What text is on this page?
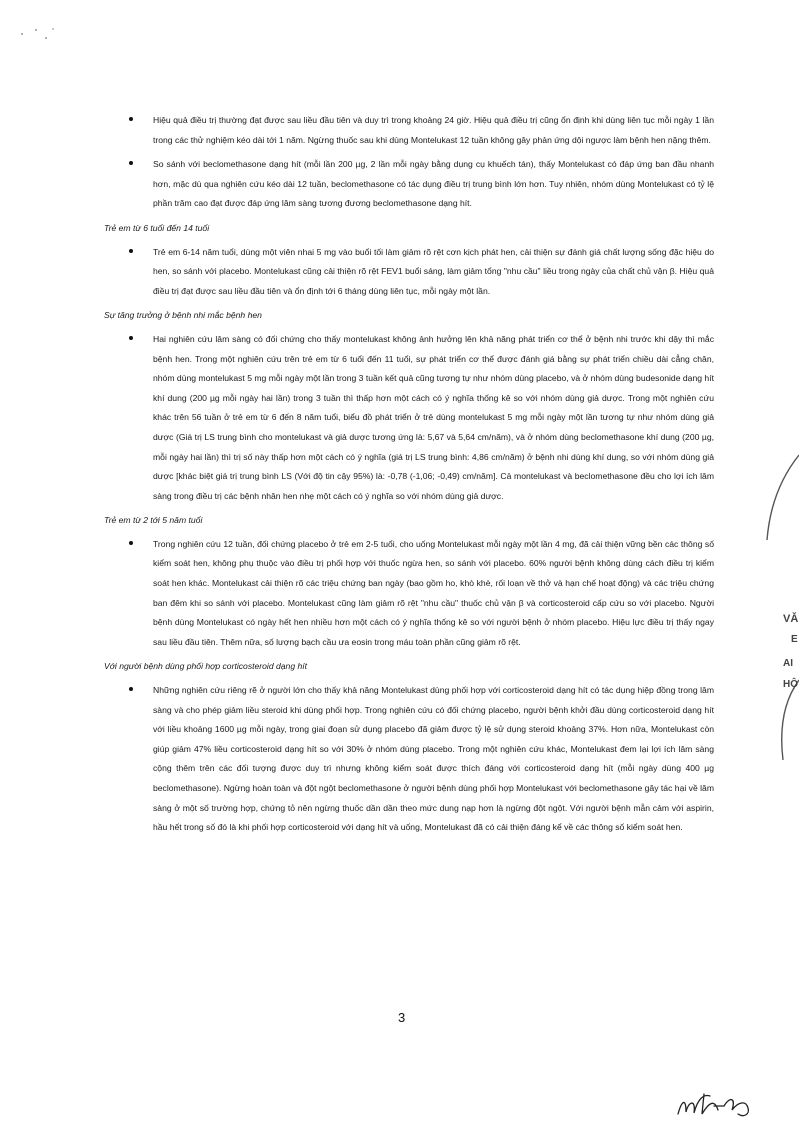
Hiệu quả điều trị thường đạt được sau liều đầu tiên và duy trì trong khoảng 24 giờ. Hiệu quả điều trị cũng ổn định khi dùng liên tục mỗi ngày 1 lần trong các thử nghiệm kéo dài tới 1 năm. Ngừng thuốc sau khi dùng Montelukast 12 tuần không gây phản ứng dội ngược làm bệnh hen nặng thêm.
So sánh với beclomethasone dạng hít (mỗi lần 200 µg, 2 lần mỗi ngày bằng dụng cụ khuếch tán), thấy Montelukast có đáp ứng ban đầu nhanh hơn, mặc dù qua nghiên cứu kéo dài 12 tuần, beclomethasone có tác dụng điều trị trung bình lớn hơn. Tuy nhiên, nhóm dùng Montelukast có tỷ lệ phần trăm cao đạt được đáp ứng lâm sàng tương đương beclomethasone dạng hít.
Trẻ em từ 6 tuổi đến 14 tuổi
Trẻ em 6-14 năm tuổi, dùng một viên nhai 5 mg vào buổi tối làm giảm rõ rệt cơn kịch phát hen, cải thiện sự đánh giá chất lượng sống đặc hiệu do hen, so sánh với placebo. Montelukast cũng cải thiện rõ rệt FEV1 buổi sáng, làm giảm tổng "nhu cầu" liều trong ngày của chất chủ vận β. Hiệu quả điều trị đạt được sau liều đầu tiên và ổn định tới 6 tháng dùng liên tục, mỗi ngày một lần.
Sự tăng trưởng ở bệnh nhi mắc bệnh hen
Hai nghiên cứu lâm sàng có đối chứng cho thấy montelukast không ảnh hưởng lên khả năng phát triển cơ thể ở bệnh nhi trước khi dậy thì mắc bệnh hen. Trong một nghiên cứu trên trẻ em từ 6 tuổi đến 11 tuổi, sự phát triển cơ thể được đánh giá bằng sự phát triển chiều dài cẳng chân, nhóm dùng montelukast 5 mg mỗi ngày một lần trong 3 tuần kết quả cũng tương tự như nhóm dùng placebo, và ở nhóm dùng budesonide dạng hít khí dung (200 µg mỗi ngày hai lần) trong 3 tuần thì thấp hơn một cách có ý nghĩa thống kê so với nhóm dùng giả dược. Trong một nghiên cứu khác trên 56 tuần ở trẻ em từ 6 đến 8 năm tuổi, biểu đồ phát triển ở trẻ dùng montelukast 5 mg mỗi ngày một lần tương tự như nhóm dùng giả dược (Giá trị LS trung bình cho montelukast và giả dược tương ứng là: 5,67 và 5,64 cm/năm), và ở nhóm dùng beclomethasone khí dung (200 µg, mỗi ngày hai lần) thì trị số này thấp hơn một cách có ý nghĩa (giá trị LS trung bình: 4,86 cm/năm) ở bệnh nhi dùng khí dung, so với nhóm dùng giả dược [khác biệt giá trị trung bình LS (Với độ tin cậy 95%) là: -0,78 (-1,06; -0,49) cm/năm]. Cả montelukast và beclomethasone đều cho lợi ích lâm sàng trong điều trị các bệnh nhân hen nhẹ một cách có ý nghĩa so với nhóm dùng giả dược.
Trẻ em từ 2 tới 5 năm tuổi
Trong nghiên cứu 12 tuần, đối chứng placebo ở trẻ em 2-5 tuổi, cho uống Montelukast mỗi ngày một lần 4 mg, đã cải thiện vững bền các thông số kiểm soát hen, không phụ thuộc vào điều trị phối hợp với thuốc ngừa hen, so sánh với placebo. 60% người bệnh không dùng cách điều trị kiểm soát hen khác. Montelukast cải thiện rõ các triệu chứng ban ngày (bao gồm ho, khò khè, rối loạn về thở và hạn chế hoạt động) và các triệu chứng ban đêm khi so sánh với placebo. Montelukast cũng làm giảm rõ rệt "nhu cầu" thuốc chủ vận β và corticosteroid cấp cứu so với placebo. Người bệnh dùng Montelukast có ngày hết hen nhiều hơn một cách có ý nghĩa thống kê so với người bệnh ở nhóm placebo. Hiệu lực điều trị thấy ngay sau liều đầu tiên. Thêm nữa, số lượng bạch cầu ưa eosin trong máu toàn phần cũng giảm rõ rệt.
Với người bệnh dùng phối hợp corticosteroid dạng hít
Những nghiên cứu riêng rẽ ở người lớn cho thấy khả năng Montelukast dùng phối hợp với corticosteroid dạng hít có tác dụng hiệp đồng trong lâm sàng và cho phép giảm liều steroid khi dùng phối hợp. Trong nghiên cứu có đối chứng placebo, người bệnh khởi đầu dùng corticosteroid dạng hít với liều khoảng 1600 µg mỗi ngày, trong giai đoạn sử dụng placebo đã giảm được tỷ lệ sử dụng steroid khoảng 37%. Hơn nữa, Montelukast còn giúp giảm 47% liều corticosteroid dạng hít so với 30% ở nhóm dùng placebo. Trong một nghiên cứu khác, Montelukast đem lại lợi ích lâm sàng cộng thêm trên các đối tượng được duy trì nhưng không kiểm soát được thích đáng với corticosteroid dạng hít (mỗi ngày dùng 400 µg beclomethasone). Ngừng hoàn toàn và đột ngột beclomethasone ở người bệnh dùng phối hợp Montelukast với beclomethasone gây tác hại về lâm sàng ở một số trường hợp, chứng tỏ nên ngừng thuốc dần dần theo mức dung nạp hơn là ngừng đột ngột. Với người bệnh mẫn cảm với aspirin, hầu hết trong số đó là khi phối hợp corticosteroid với dạng hít và uống, Montelukast đã có cải thiện đáng kể về các thông số kiểm soát hen.
3
VĂ
E
AI
HỘ
